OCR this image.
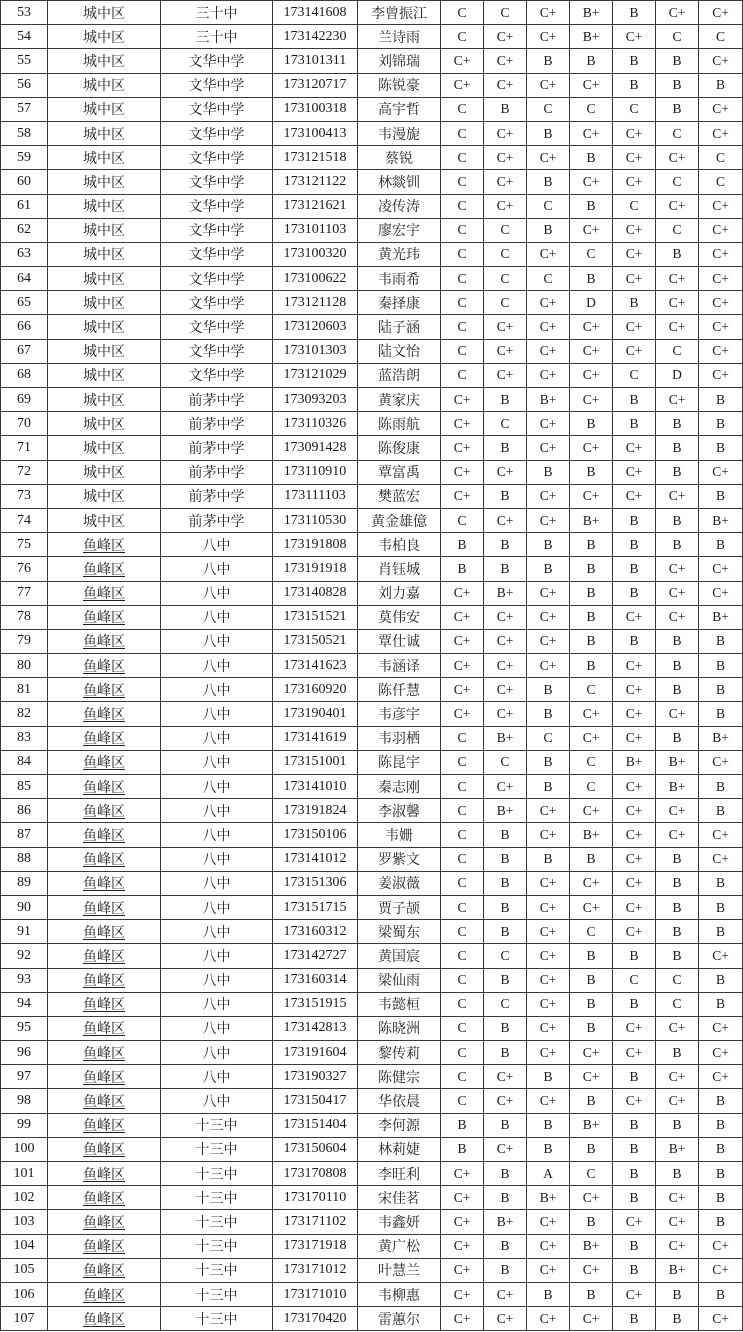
53	城中区	三十中	173141608	李曾振江	C	C	C+	B+	B	C+	C+
54	城中区	三十中	173142230	兰诗雨	C	C+	C+	B+	C+	C	C
55	城中区	文华中学	173101311	刘锦瑞	C+	C+	B	B	B	B	C+
56	城中区	文华中学	173120717	陈锐豪	C+	C+	C+	C+	B	B	B
57	城中区	文华中学	173100318	高宇哲	C	B	C	C	C	B	C+
58	城中区	文华中学	173100413	韦漫旎	C	C+	B	C+	C+	C	C+
59	城中区	文华中学	173121518	蔡锐	C	C+	C+	B	C+	C+	C
60	城中区	文华中学	173121122	林燚钏	C	C+	B	C+	C+	C	C
61	城中区	文华中学	173121621	凌传涛	C	C+	C	B	C	C+	C+
62	城中区	文华中学	173101103	廖宏宇	C	C	B	C+	C+	C	C+
63	城中区	文华中学	173100320	黄光玮	C	C	C+	C	C+	B	C+
64	城中区	文华中学	173100622	韦雨希	C	C	C	B	C+	C+	C+
65	城中区	文华中学	173121128	秦择康	C	C	C+	D	B	C+	C+
66	城中区	文华中学	173120603	陆子涵	C	C+	C+	C+	C+	C+	C+
67	城中区	文华中学	173101303	陆文怡	C	C+	C+	C+	C+	C	C+
68	城中区	文华中学	173121029	蓝浩朗	C	C+	C+	C+	C	D	C+
69	城中区	前茅中学	173093203	黄家庆	C+	B	B+	C+	B	C+	B
70	城中区	前茅中学	173110326	陈雨航	C+	C	C+	B	B	B	B
71	城中区	前茅中学	173091428	陈俊康	C+	B	C+	C+	C+	B	B
72	城中区	前茅中学	173110910	覃富禹	C+	C+	B	B	C+	B	C+
73	城中区	前茅中学	173111103	樊蓝宏	C+	B	C+	C+	C+	C+	B
74	城中区	前茅中学	173110530	黄金雄億	C	C+	C+	B+	B	B	B+
75	鱼峰区	八中	173191808	韦柏良	B	B	B	B	B	B	B
76	鱼峰区	八中	173191918	肖钰城	B	B	B	B	B	C+	C+
77	鱼峰区	八中	173140828	刘力嘉	C+	B+	C+	B	B	C+	C+
78	鱼峰区	八中	173151521	莫伟安	C+	C+	C+	B	C+	C+	B+
79	鱼峰区	八中	173150521	覃仕诚	C+	C+	C+	B	B	B	B
80	鱼峰区	八中	173141623	韦涵译	C+	C+	C+	B	C+	B	B
81	鱼峰区	八中	173160920	陈仟慧	C+	C+	B	C	C+	B	B
82	鱼峰区	八中	173190401	韦彦宇	C+	C+	B	C+	C+	C+	B
83	鱼峰区	八中	173141619	韦羽栖	C	B+	C	C+	C+	B	B+
84	鱼峰区	八中	173151001	陈昆宇	C	C	B	C	B+	B+	C+
85	鱼峰区	八中	173141010	秦志刚	C	C+	B	C	C+	B+	B
86	鱼峰区	八中	173191824	李淑馨	C	B+	C+	C+	C+	C+	B
87	鱼峰区	八中	173150106	韦姗	C	B	C+	B+	C+	C+	C+
88	鱼峰区	八中	173141012	罗紫文	C	B	B	B	C+	B	C+
89	鱼峰区	八中	173151306	姜淑薇	C	B	C+	C+	C+	B	B
90	鱼峰区	八中	173151715	贾子颉	C	B	C+	C+	C+	B	B
91	鱼峰区	八中	173160312	梁蜀东	C	B	C+	C	C+	B	B
92	鱼峰区	八中	173142727	黄国宸	C	C	C+	B	B	B	C+
93	鱼峰区	八中	173160314	梁仙雨	C	B	C+	B	C	C	B
94	鱼峰区	八中	173151915	韦懿桓	C	C	C+	B	B	C	B
95	鱼峰区	八中	173142813	陈晓洲	C	B	C+	B	C+	C+	C+
96	鱼峰区	八中	173191604	黎传莉	C	B	C+	C+	C+	B	C+
97	鱼峰区	八中	173190327	陈健宗	C	C+	B	C+	B	C+	C+
98	鱼峰区	八中	173150417	华依晨	C	C+	C+	B	C+	C+	B
99	鱼峰区	十三中	173151404	李何源	B	B	B	B+	B	B	B
100	鱼峰区	十三中	173150604	林莉婕	B	C+	B	B	B	B+	B
101	鱼峰区	十三中	173170808	李旺利	C+	B	A	C	B	B	B
102	鱼峰区	十三中	173170110	宋佳茗	C+	B	B+	C+	B	C+	B
103	鱼峰区	十三中	173171102	韦鑫妍	C+	B+	C+	B	C+	C+	B
104	鱼峰区	十三中	173171918	黄广松	C+	B	C+	B+	B	C+	C+
105	鱼峰区	十三中	173171012	叶慧兰	C+	B	C+	C+	B	B+	C+
106	鱼峰区	十三中	173171010	韦柳惠	C+	C+	B	B	C+	B	B
107	鱼峰区	十三中	173170420	雷蕙尔	C+	C+	C+	C+	B	B	C+
